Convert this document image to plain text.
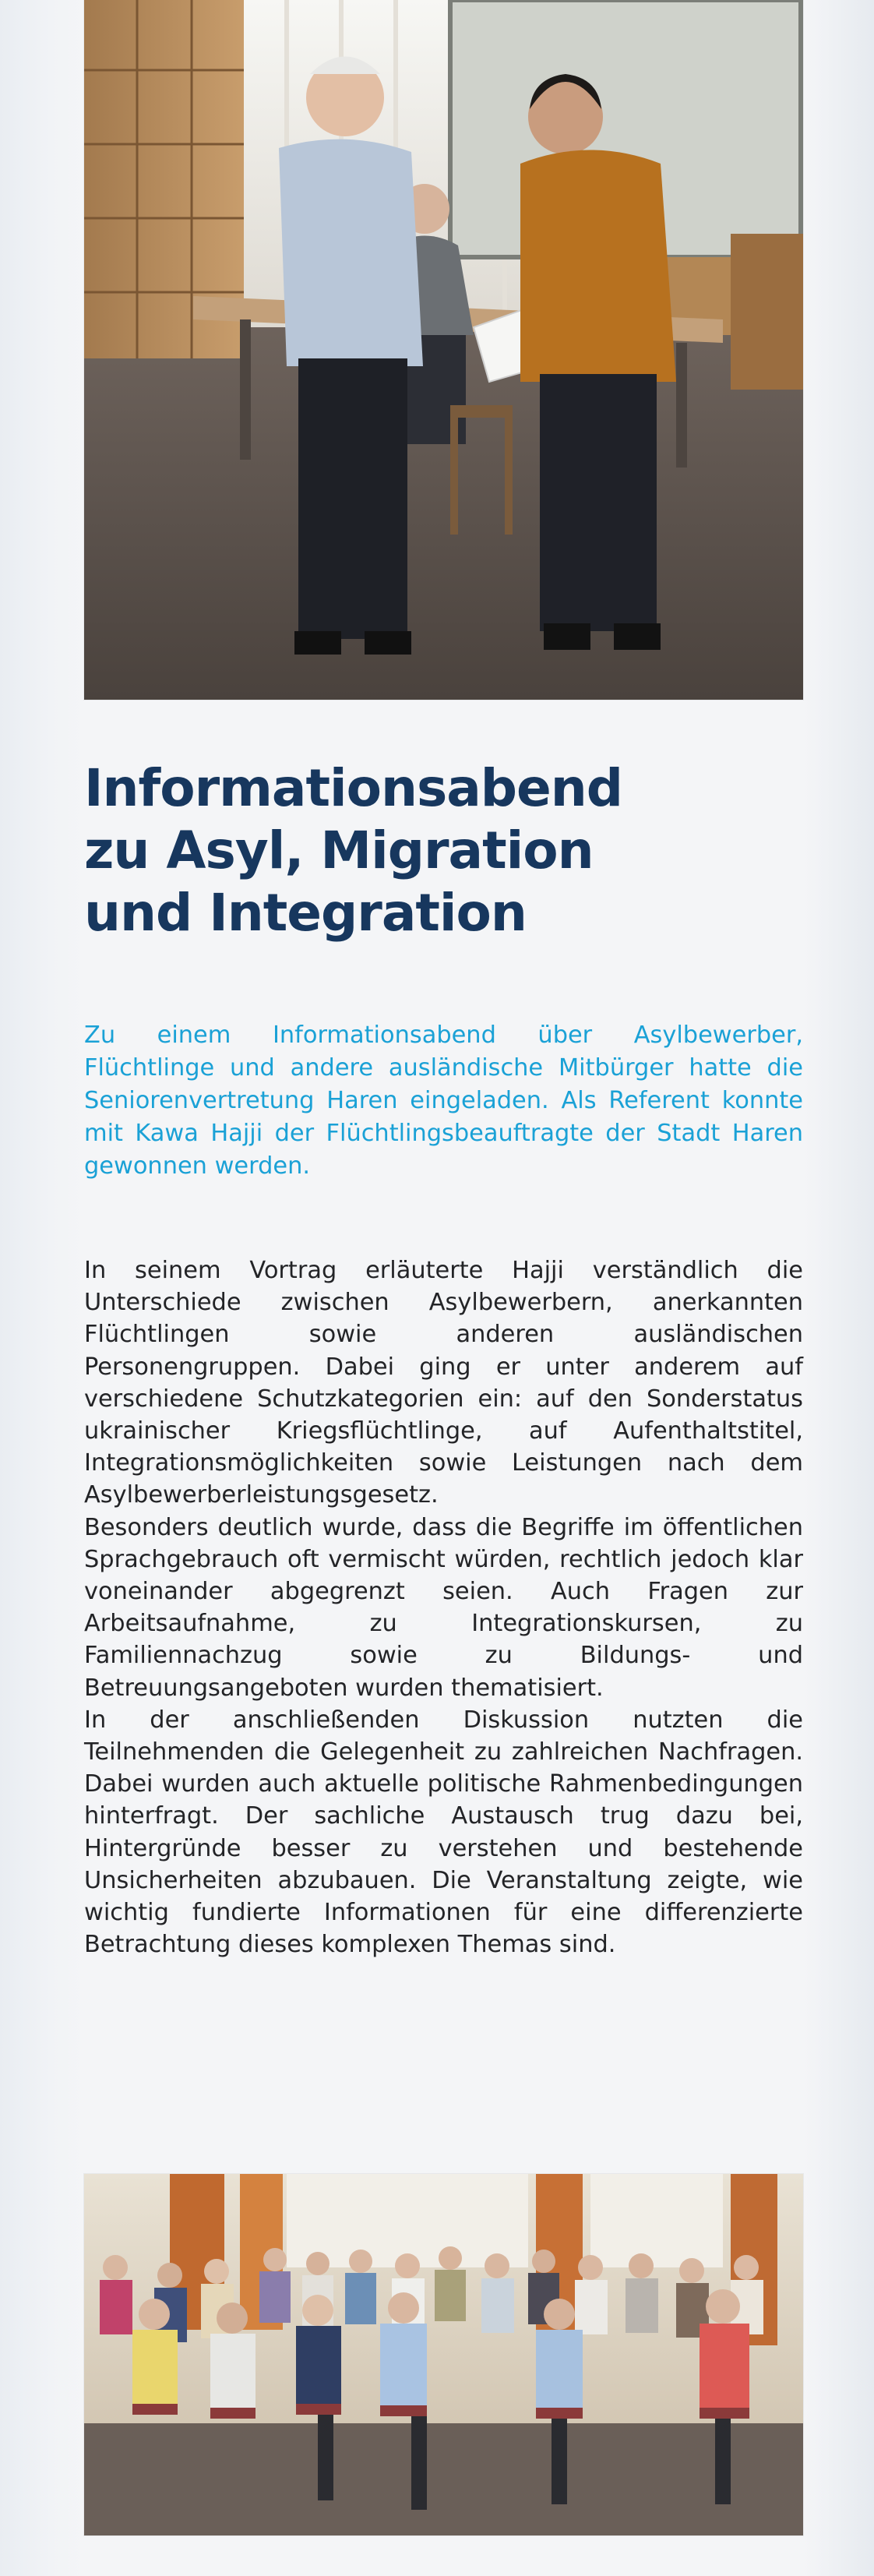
Informationsabend
zu Asyl, Migration
und Integration

Zu einem Informationsabend über Asylbewerber, Flüchtlinge und andere ausländische Mitbürger hatte die Seniorenvertretung Haren eingeladen. Als Referent konnte mit Kawa Hajji der Flüchtlingsbeauftragte der Stadt Haren gewonnen werden.

In seinem Vortrag erläuterte Hajji verständlich die Unterschiede zwischen Asylbewerbern, anerkannten Flüchtlingen sowie anderen ausländischen Personengruppen. Dabei ging er unter anderem auf verschiedene Schutzkategorien ein: auf den Sonderstatus ukrainischer Kriegsflüchtlinge, auf Aufenthaltstitel, Integrationsmöglichkeiten sowie Leistungen nach dem Asylbewerberleistungsgesetz.

Besonders deutlich wurde, dass die Begriffe im öffentlichen Sprachgebrauch oft vermischt würden, rechtlich jedoch klar voneinander abgegrenzt seien. Auch Fragen zur Arbeitsaufnahme, zu Integrationskursen, zu Familiennachzug sowie zu Bildungs- und Betreuungsangeboten wurden thematisiert.

In der anschließenden Diskussion nutzten die Teilnehmenden die Gelegenheit zu zahlreichen Nachfragen. Dabei wurden auch aktuelle politische Rahmenbedingungen hinterfragt. Der sachliche Austausch trug dazu bei, Hintergründe besser zu verstehen und bestehende Unsicherheiten abzubauen. Die Veranstaltung zeigte, wie wichtig fundierte Informationen für eine differenzierte Betrachtung dieses komplexen Themas sind.
